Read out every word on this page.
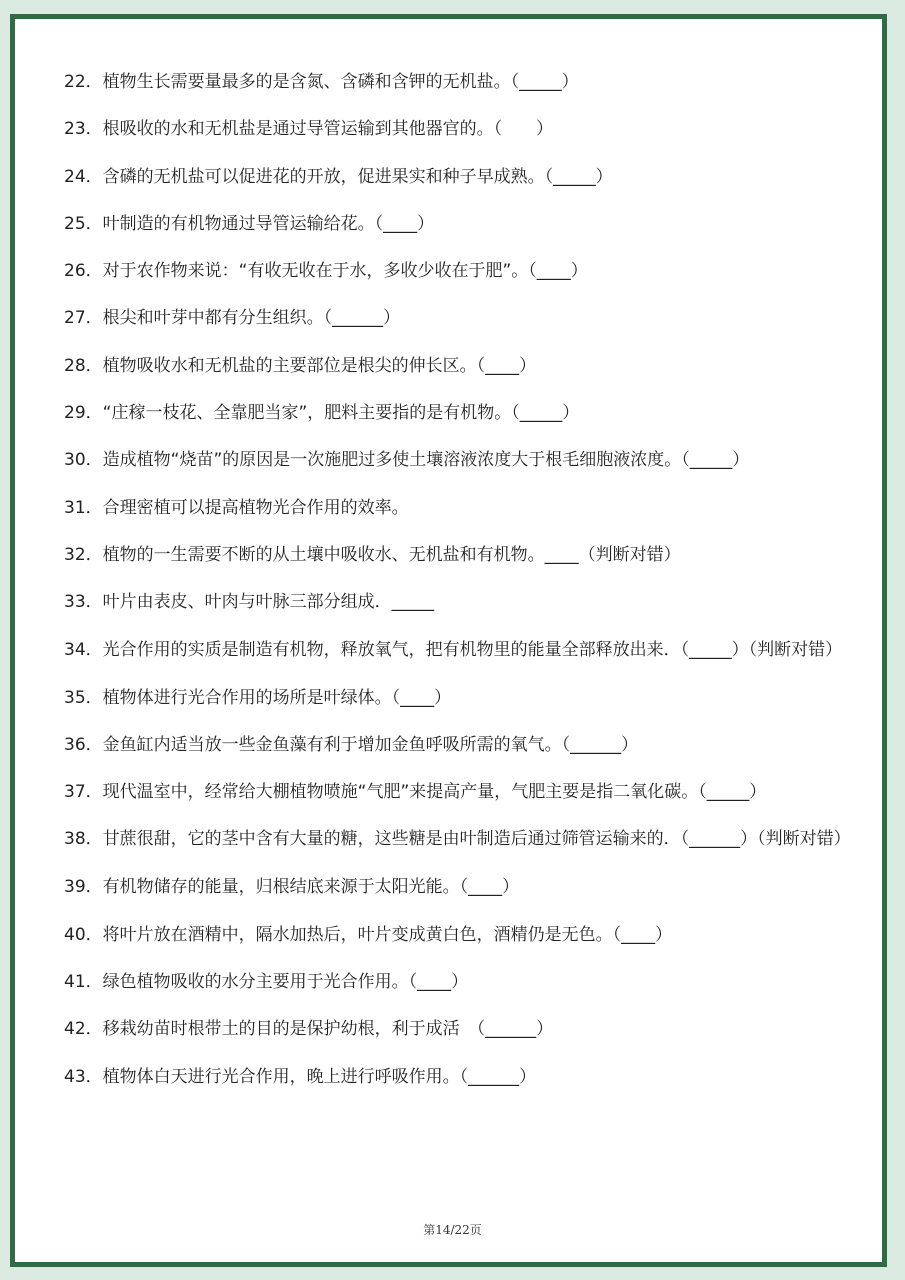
22．植物生长需要量最多的是含氮、含磷和含钾的无机盐。（_____）

23．根吸收的水和无机盐是通过导管运输到其他器官的。（　　）

24．含磷的无机盐可以促进花的开放，促进果实和种子早成熟。（_____）

25．叶制造的有机物通过导管运输给花。（____）

26．对于农作物来说：“有收无收在于水，多收少收在于肥”。（____）

27．根尖和叶芽中都有分生组织。（______）

28．植物吸收水和无机盐的主要部位是根尖的伸长区。（____）

29．“庄稼一枝花、全靠肥当家”，肥料主要指的是有机物。（_____）

30．造成植物“烧苗”的原因是一次施肥过多使土壤溶液浓度大于根毛细胞液浓度。（_____）

31．合理密植可以提高植物光合作用的效率。

32．植物的一生需要不断的从土壤中吸收水、无机盐和有机物。____（判断对错）

33．叶片由表皮、叶肉与叶脉三部分组成．_____

34．光合作用的实质是制造有机物，释放氧气，把有机物里的能量全部释放出来．（_____）（判断对错）

35．植物体进行光合作用的场所是叶绿体。（____）

36．金鱼缸内适当放一些金鱼藻有利于增加金鱼呼吸所需的氧气。（______）

37．现代温室中，经常给大棚植物喷施“气肥”来提高产量，气肥主要是指二氧化碳。（_____）

38．甘蔗很甜，它的茎中含有大量的糖，这些糖是由叶制造后通过筛管运输来的．（______）（判断对错）

39．有机物储存的能量，归根结底来源于太阳光能。（____）

40．将叶片放在酒精中，隔水加热后，叶片变成黄白色，酒精仍是无色。（____）

41．绿色植物吸收的水分主要用于光合作用。（____）

42．移栽幼苗时根带土的目的是保护幼根，利于成活　（______）

43．植物体白天进行光合作用，晚上进行呼吸作用。（______）

第14/22页
